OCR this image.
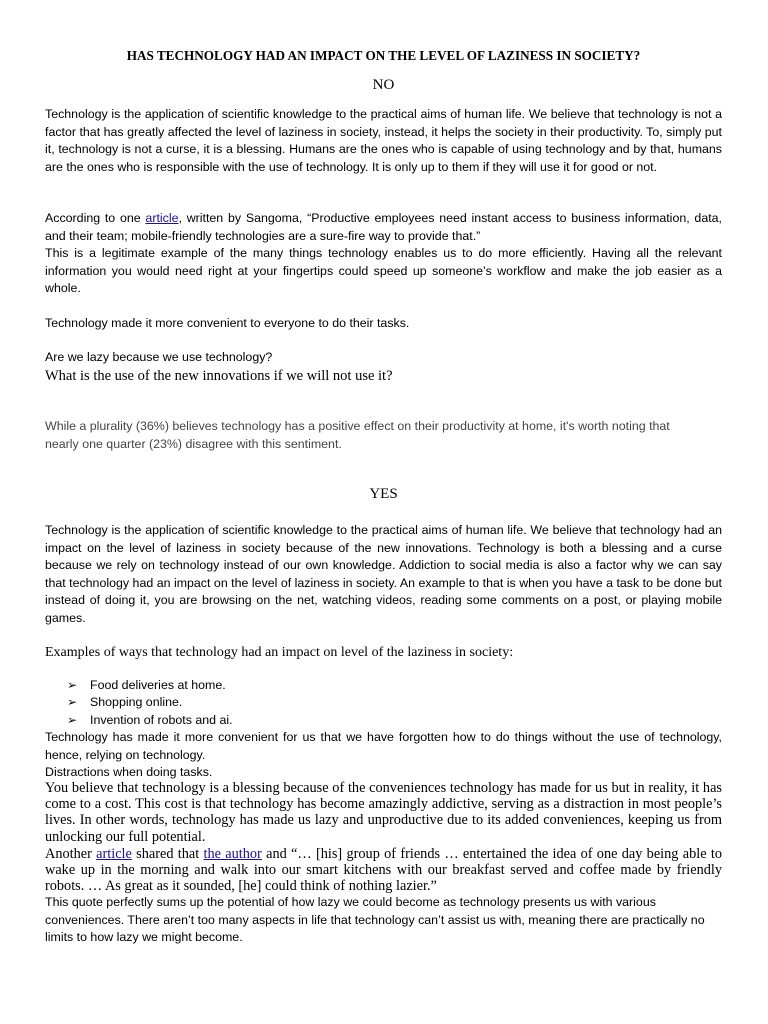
HAS TECHNOLOGY HAD AN IMPACT ON THE LEVEL OF LAZINESS IN SOCIETY?
NO

Technology is the application of scientific knowledge to the practical aims of human life. We believe that technology is not a factor that has greatly affected the level of laziness in society, instead, it helps the society in their productivity. To, simply put it, technology is not a curse, it is a blessing. Humans are the ones who is capable of using technology and by that, humans are the ones who is responsible with the use of technology. It is only up to them if they will use it for good or not.

According to one article, written by Sangoma, “Productive employees need instant access to business information, data, and their team; mobile-friendly technologies are a sure-fire way to provide that.”

This is a legitimate example of the many things technology enables us to do more efficiently. Having all the relevant information you would need right at your fingertips could speed up someone’s workflow and make the job easier as a whole.

Technology made it more convenient to everyone to do their tasks.

Are we lazy because we use technology?

What is the use of the new innovations if we will not use it?

While a plurality (36%) believes technology has a positive effect on their productivity at home, it's worth noting that nearly one quarter (23%) disagree with this sentiment.

YES

Technology is the application of scientific knowledge to the practical aims of human life. We believe that technology had an impact on the level of laziness in society because of the new innovations. Technology is both a blessing and a curse because we rely on technology instead of our own knowledge. Addiction to social media is also a factor why we can say that technology had an impact on the level of laziness in society. An example to that is when you have a task to be done but instead of doing it, you are browsing on the net, watching videos, reading some comments on a post, or playing mobile games.

Examples of ways that technology had an impact on level of the laziness in society:

➢ Food deliveries at home.
➢ Shopping online.
➢ Invention of robots and ai.

Technology has made it more convenient for us that we have forgotten how to do things without the use of technology, hence, relying on technology.

Distractions when doing tasks.

You believe that technology is a blessing because of the conveniences technology has made for us but in reality, it has come to a cost. This cost is that technology has become amazingly addictive, serving as a distraction in most people’s lives. In other words, technology has made us lazy and unproductive due to its added conveniences, keeping us from unlocking our full potential.

Another article shared that the author and “… [his] group of friends … entertained the idea of one day being able to wake up in the morning and walk into our smart kitchens with our breakfast served and coffee made by friendly robots. … As great as it sounded, [he] could think of nothing lazier.”

This quote perfectly sums up the potential of how lazy we could become as technology presents us with various conveniences. There aren’t too many aspects in life that technology can’t assist us with, meaning there are practically no limits to how lazy we might become.
